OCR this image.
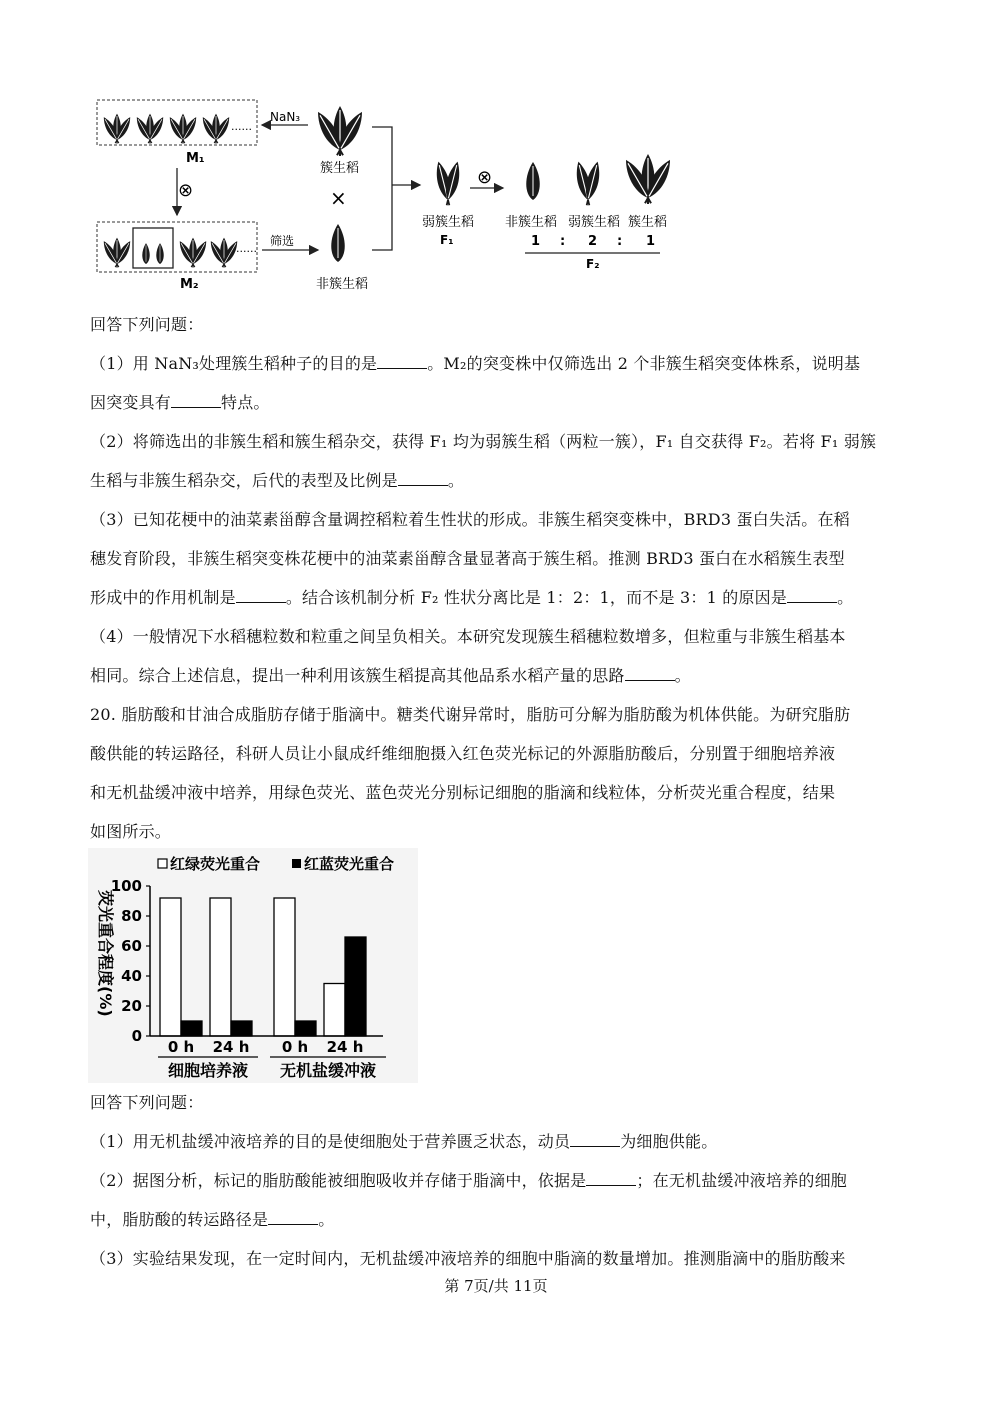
......
M₁
NaN₃
簇生稻
×
⊗
......
M₂
筛选
非簇生稻
弱簇生稻
F₁
⊗
非簇生稻 弱簇生稻 簇生稻
1 : 2 : 1
F₂
回答下列问题：
（1）用 NaN₃处理簇生稻种子的目的是	。M₂的突变株中仅筛选出 2 个非簇生稻突变体株系，说明基
因突变具有	特点。
（2）将筛选出的非簇生稻和簇生稻杂交，获得 F₁ 均为弱簇生稻（两粒一簇），F₁ 自交获得 F₂。若将 F₁ 弱簇
生稻与非簇生稻杂交，后代的表型及比例是	。
（3）已知花梗中的油菜素甾醇含量调控稻粒着生性状的形成。非簇生稻突变株中，BRD3 蛋白失活。在稻
穗发育阶段，非簇生稻突变株花梗中的油菜素甾醇含量显著高于簇生稻。推测 BRD3 蛋白在水稻簇生表型
形成中的作用机制是	。结合该机制分析 F₂ 性状分离比是 1：2：1，而不是 3：1 的原因是	。
（4）一般情况下水稻穗粒数和粒重之间呈负相关。本研究发现簇生稻穗粒数增多，但粒重与非簇生稻基本
相同。综合上述信息，提出一种利用该簇生稻提高其他品系水稻产量的思路	。
20. 脂肪酸和甘油合成脂肪存储于脂滴中。糖类代谢异常时，脂肪可分解为脂肪酸为机体供能。为研究脂肪
酸供能的转运路径，科研人员让小鼠成纤维细胞摄入红色荧光标记的外源脂肪酸后，分别置于细胞培养液
和无机盐缓冲液中培养，用绿色荧光、蓝色荧光分别标记细胞的脂滴和线粒体，分析荧光重合程度，结果
如图所示。
红绿荧光重合	红蓝荧光重合
荧光重合程度(%)
0
20
40
60
80
100
0 h 24 h 0 h 24 h
细胞培养液 无机盐缓冲液
回答下列问题：
（1）用无机盐缓冲液培养的目的是使细胞处于营养匮乏状态，动员	为细胞供能。
（2）据图分析，标记的脂肪酸能被细胞吸收并存储于脂滴中，依据是	；在无机盐缓冲液培养的细胞
中，脂肪酸的转运路径是	。
（3）实验结果发现，在一定时间内，无机盐缓冲液培养的细胞中脂滴的数量增加。推测脂滴中的脂肪酸来
第 7页/共 11页
